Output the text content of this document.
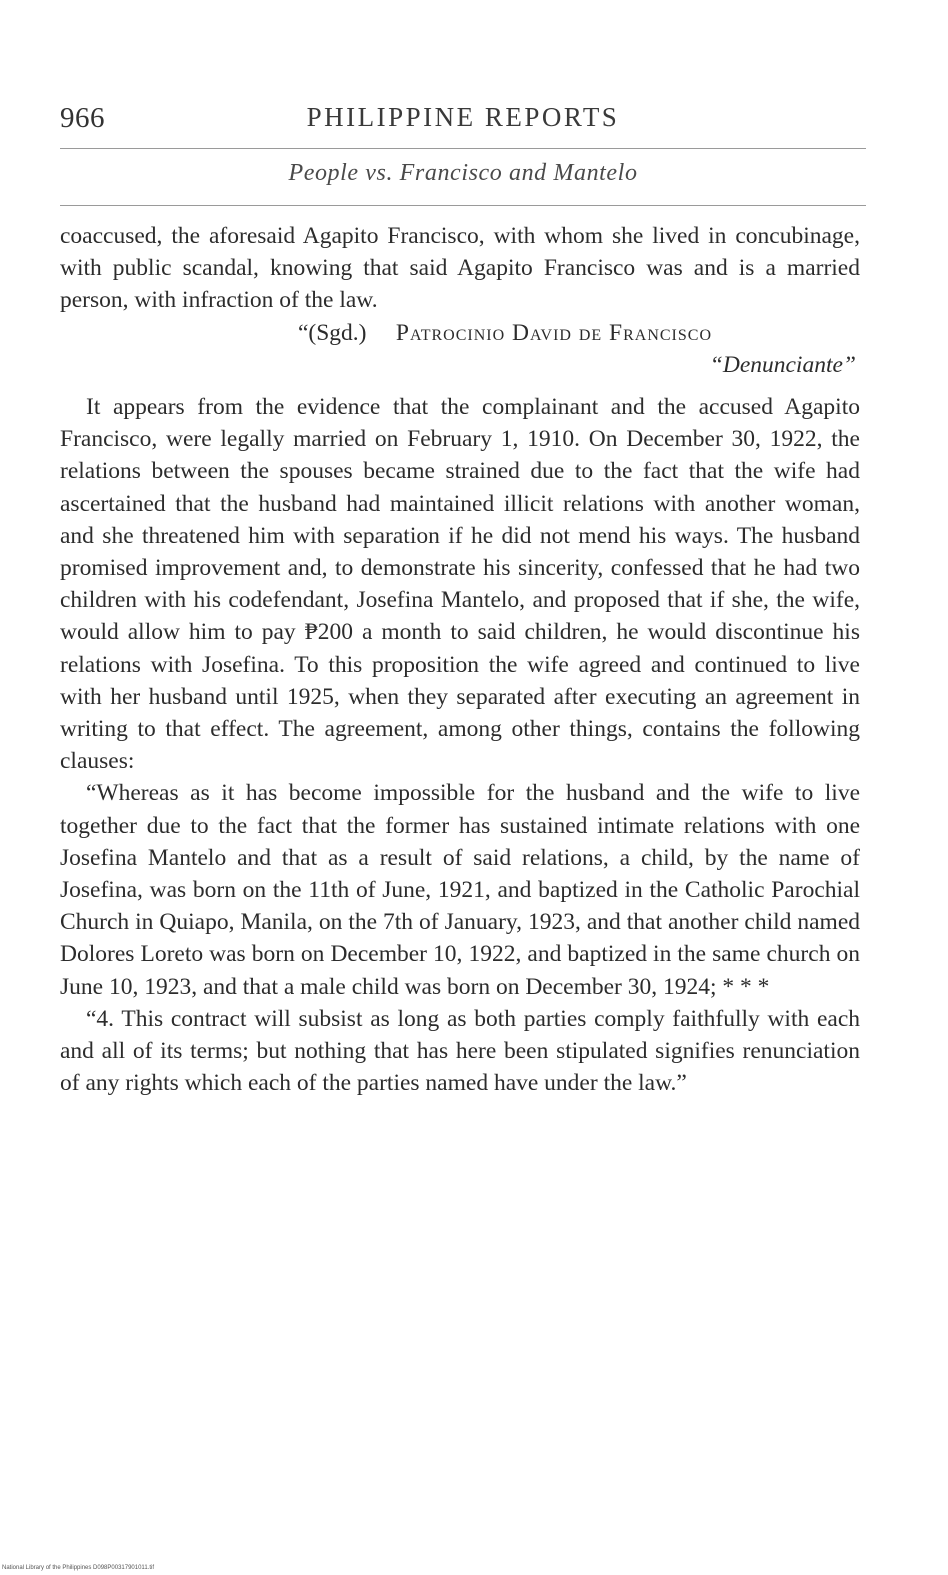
966	PHILIPPINE REPORTS
People vs. Francisco and Mantelo

coaccused, the aforesaid Agapito Francisco, with whom she lived in concubinage, with public scandal, knowing that said Agapito Francisco was and is a married person, with infraction of the law.

“(Sgd.) Patrocinio David de Francisco

“Denunciante”

It appears from the evidence that the complainant and the accused Agapito Francisco, were legally married on February 1, 1910. On December 30, 1922, the relations between the spouses became strained due to the fact that the wife had ascertained that the husband had maintained illicit relations with another woman, and she threatened him with separation if he did not mend his ways. The husband promised improvement and, to demonstrate his sincerity, confessed that he had two children with his codefendant, Josefina Mantelo, and proposed that if she, the wife, would allow him to pay ₱200 a month to said children, he would discontinue his relations with Josefina. To this proposition the wife agreed and continued to live with her husband until 1925, when they separated after executing an agreement in writing to that effect. The agreement, among other things, contains the following clauses:

“Whereas as it has become impossible for the husband and the wife to live together due to the fact that the former has sustained intimate relations with one Josefina Mantelo and that as a result of said relations, a child, by the name of Josefina, was born on the 11th of June, 1921, and baptized in the Catholic Parochial Church in Quiapo, Manila, on the 7th of January, 1923, and that another child named Dolores Loreto was born on December 10, 1922, and baptized in the same church on June 10, 1923, and that a male child was born on December 30, 1924; * * *

“4. This contract will subsist as long as both parties comply faithfully with each and all of its terms; but nothing that has here been stipulated signifies renunciation of any rights which each of the parties named have under the law.”

National Library of the Philippines D098P00317901011.tif
